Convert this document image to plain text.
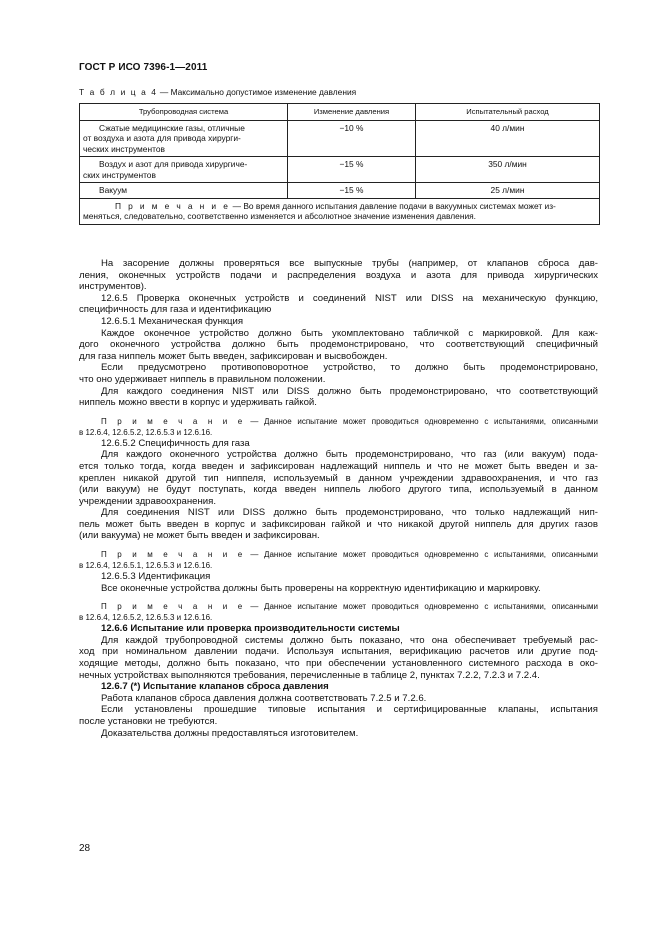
ГОСТ Р ИСО 7396-1—2011
Т а б л и ц а 4 — Максимально допустимое изменение давления
Трубопроводная система	Изменение давления	Испытательный расход

Сжатые медицинские газы, отличные
от воздуха и азота для привода хирурги-
ческих инструментов	−10 %	40 л/мин

Воздух и азот для привода хирургиче-
ских инструментов	−15 %	350 л/мин

Вакуум	−15 %	25 л/мин

П р и м е ч а н и е — Во время данного испытания давление подачи в вакуумных системах может из-
меняться, следовательно, соответственно изменяется и абсолютное значение изменения давления.		

На засорение должны проверяться все выпускные трубы (например, от клапанов сброса дав-
ления, оконечных устройств подачи и распределения воздуха и азота для привода хирургических
инструментов).

12.6.5 Проверка оконечных устройств и соединений NIST или DISS на механическую функцию,
специфичность для газа и идентификацию

12.6.5.1 Механическая функция

Каждое оконечное устройство должно быть укомплектовано табличкой с маркировкой. Для каж-
дого оконечного устройства должно быть продемонстрировано, что соответствующий специфичный
для газа ниппель может быть введен, зафиксирован и высвобожден.

Если предусмотрено противоповоротное устройство, то должно быть продемонстрировано,
что оно удерживает ниппель в правильном положении.

Для каждого соединения NIST или DISS должно быть продемонстрировано, что соответствующий
ниппель можно ввести в корпус и удерживать гайкой.

П р и м е ч а н и е — Данное испытание может проводиться одновременно с испытаниями, описанными
в 12.6.4, 12.6.5.2, 12.6.5.3 и 12.6.16.

12.6.5.2 Специфичность для газа

Для каждого оконечного устройства должно быть продемонстрировано, что газ (или вакуум) пода-
ется только тогда, когда введен и зафиксирован надлежащий ниппель и что не может быть введен и за-
креплен никакой другой тип ниппеля, используемый в данном учреждении здравоохранения, и что газ
(или вакуум) не будут поступать, когда введен ниппель любого другого типа, используемый в данном
учреждении здравоохранения.

Для соединения NIST или DISS должно быть продемонстрировано, что только надлежащий нип-
пель может быть введен в корпус и зафиксирован гайкой и что никакой другой ниппель для других газов
(или вакуума) не может быть введен и зафиксирован.

П р и м е ч а н и е — Данное испытание может проводиться одновременно с испытаниями, описанными
в 12.6.4, 12.6.5.1, 12.6.5.3 и 12.6.16.

12.6.5.3 Идентификация

Все оконечные устройства должны быть проверены на корректную идентификацию и маркировку.

П р и м е ч а н и е — Данное испытание может проводиться одновременно с испытаниями, описанными
в 12.6.4, 12.6.5.2, 12.6.5.3 и 12.6.16.

12.6.6 Испытание или проверка производительности системы

Для каждой трубопроводной системы должно быть показано, что она обеспечивает требуемый рас-
ход при номинальном давлении подачи. Используя испытания, верификацию расчетов или другие под-
ходящие методы, должно быть показано, что при обеспечении установленного системного расхода в око-
нечных устройствах выполняются требования, перечисленные в таблице 2, пунктах 7.2.2, 7.2.3 и 7.2.4.

12.6.7 (*) Испытание клапанов сброса давления

Работа клапанов сброса давления должна соответствовать 7.2.5 и 7.2.6.

Если установлены прошедшие типовые испытания и сертифицированные клапаны, испытания
после установки не требуются.

Доказательства должны предоставляться изготовителем.

28
